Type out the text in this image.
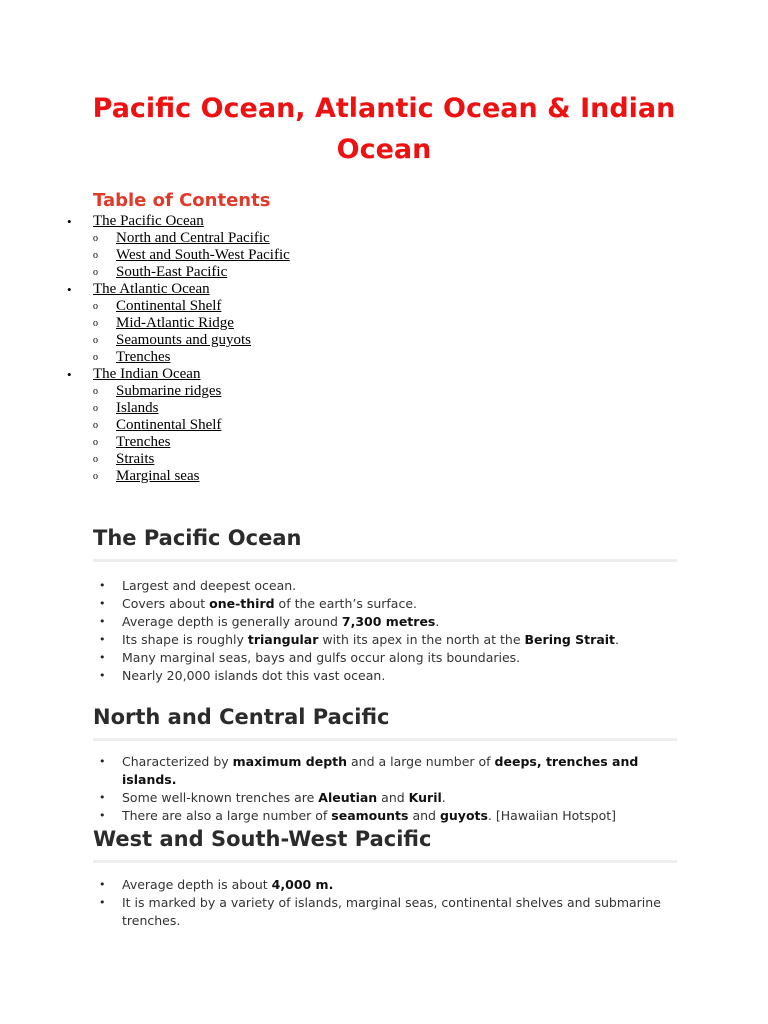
Pacific Ocean, Atlantic Ocean & Indian Ocean
Table of Contents
• The Pacific Ocean
o North and Central Pacific
o West and South-West Pacific
o South-East Pacific
• The Atlantic Ocean
o Continental Shelf
o Mid-Atlantic Ridge
o Seamounts and guyots
o Trenches
• The Indian Ocean
o Submarine ridges
o Islands
o Continental Shelf
o Trenches
o Straits
o Marginal seas
The Pacific Ocean
• Largest and deepest ocean.
• Covers about one-third of the earth’s surface.
• Average depth is generally around 7,300 metres.
• Its shape is roughly triangular with its apex in the north at the Bering Strait.
• Many marginal seas, bays and gulfs occur along its boundaries.
• Nearly 20,000 islands dot this vast ocean.
North and Central Pacific
• Characterized by maximum depth and a large number of deeps, trenches and islands.
• Some well-known trenches are Aleutian and Kuril.
• There are also a large number of seamounts and guyots. [Hawaiian Hotspot]
West and South-West Pacific
• Average depth is about 4,000 m.
• It is marked by a variety of islands, marginal seas, continental shelves and submarine trenches.
